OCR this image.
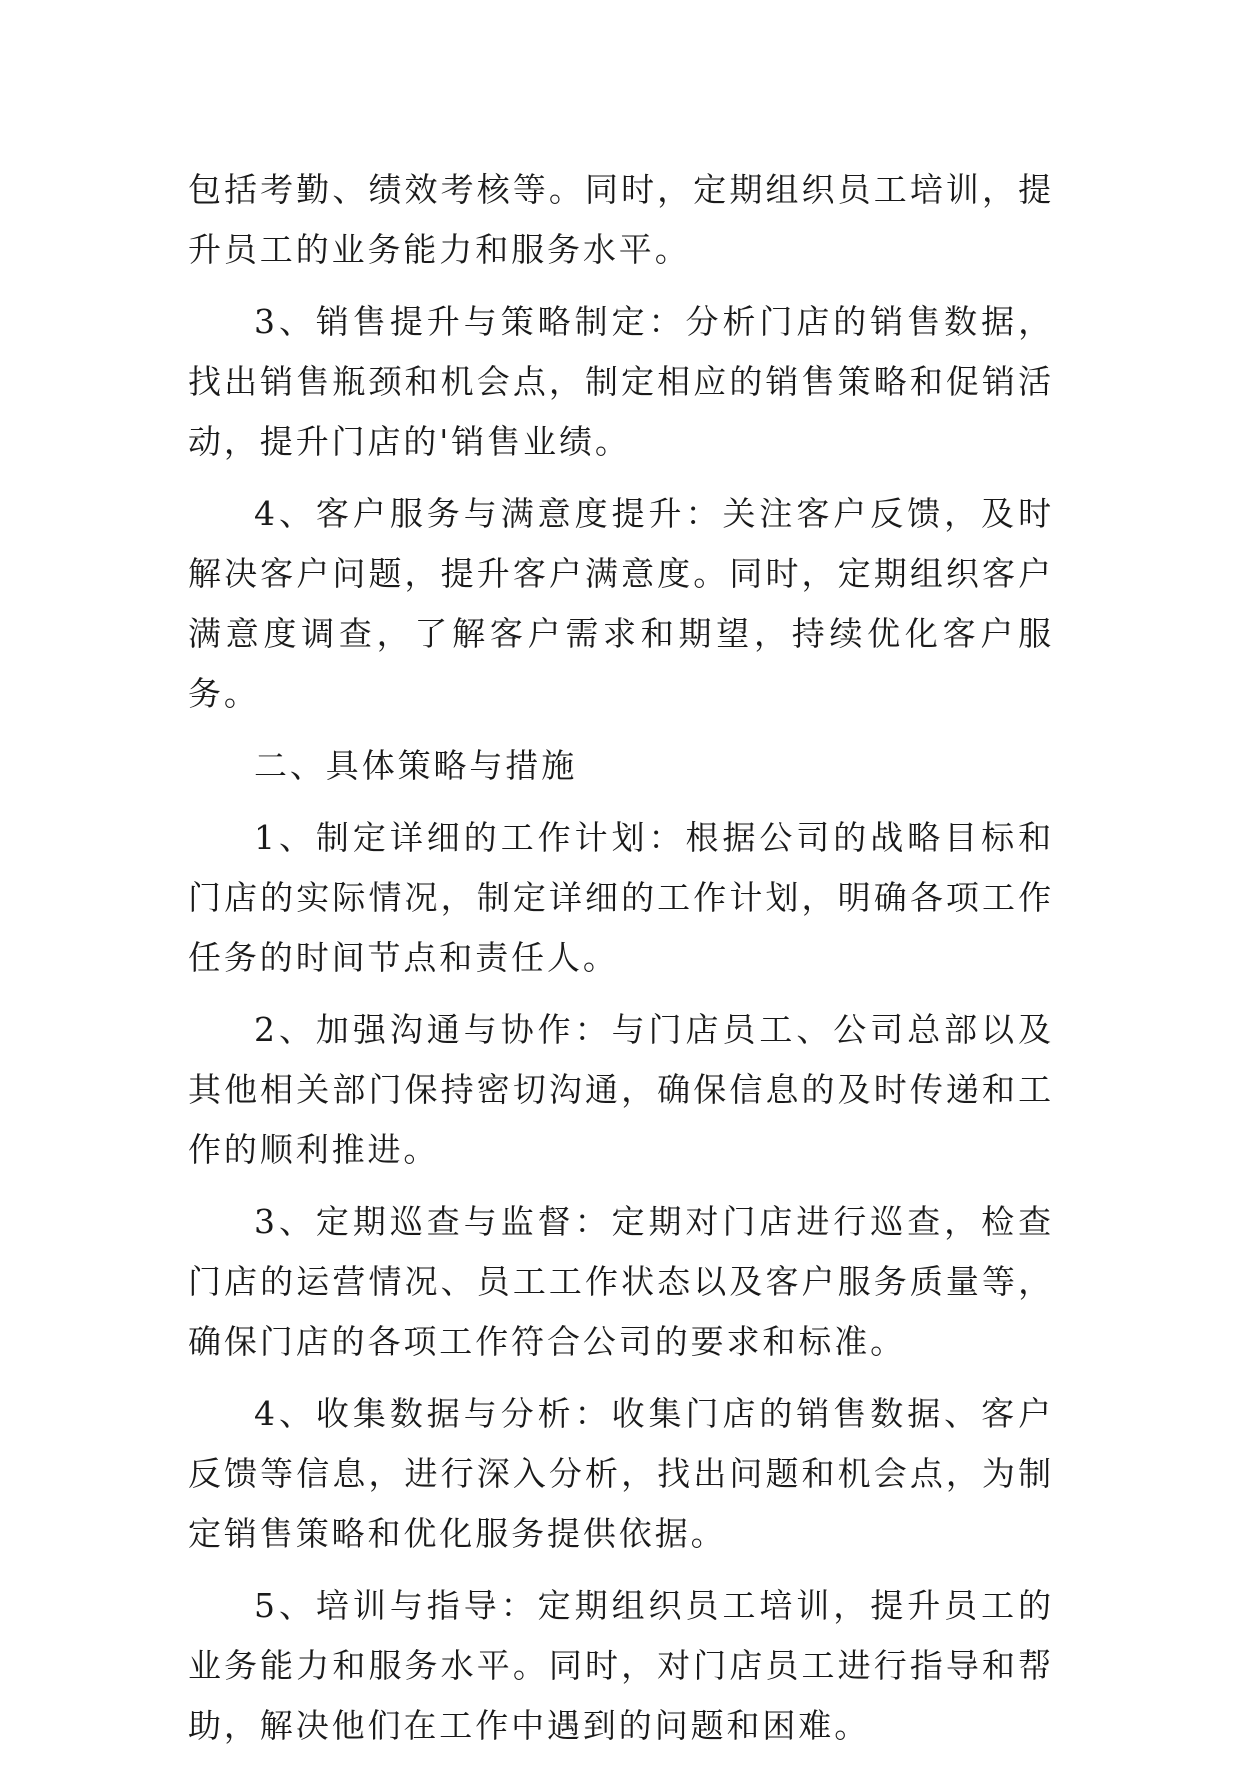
包括考勤、绩效考核等。同时，定期组织员工培训，提升员工的业务能力和服务水平。

3、销售提升与策略制定：分析门店的销售数据，找出销售瓶颈和机会点，制定相应的销售策略和促销活动，提升门店的'销售业绩。

4、客户服务与满意度提升：关注客户反馈，及时解决客户问题，提升客户满意度。同时，定期组织客户满意度调查，了解客户需求和期望，持续优化客户服务。

二、具体策略与措施

1、制定详细的工作计划：根据公司的战略目标和门店的实际情况，制定详细的工作计划，明确各项工作任务的时间节点和责任人。

2、加强沟通与协作：与门店员工、公司总部以及其他相关部门保持密切沟通，确保信息的及时传递和工作的顺利推进。

3、定期巡查与监督：定期对门店进行巡查，检查门店的运营情况、员工工作状态以及客户服务质量等，确保门店的各项工作符合公司的要求和标准。

4、收集数据与分析：收集门店的销售数据、客户反馈等信息，进行深入分析，找出问题和机会点，为制定销售策略和优化服务提供依据。

5、培训与指导：定期组织员工培训，提升员工的业务能力和服务水平。同时，对门店员工进行指导和帮助，解决他们在工作中遇到的问题和困难。
